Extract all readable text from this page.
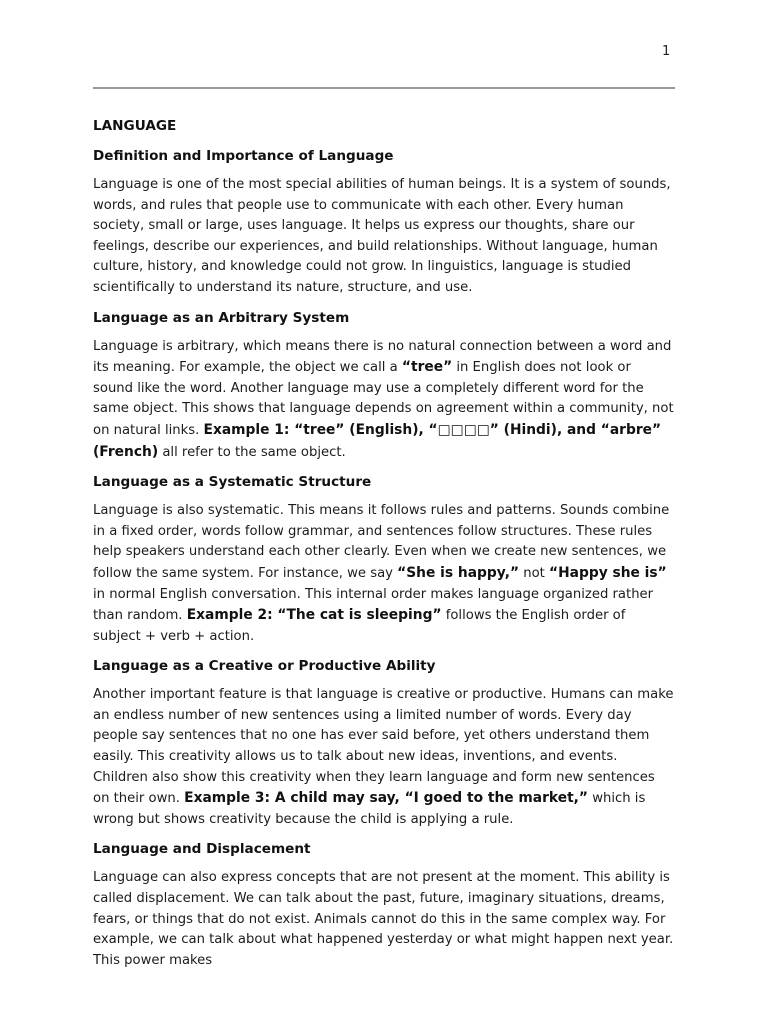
1
LANGUAGE
Definition and Importance of Language
Language is one of the most special abilities of human beings. It is a system of sounds, words, and rules that people use to communicate with each other. Every human society, small or large, uses language. It helps us express our thoughts, share our feelings, describe our experiences, and build relationships. Without language, human culture, history, and knowledge could not grow. In linguistics, language is studied scientifically to understand its nature, structure, and use.
Language as an Arbitrary System
Language is arbitrary, which means there is no natural connection between a word and its meaning. For example, the object we call a “tree” in English does not look or sound like the word. Another language may use a completely different word for the same object. This shows that language depends on agreement within a community, not on natural links. Example 1: “tree” (English), “□□□□” (Hindi), and “arbre” (French) all refer to the same object.
Language as a Systematic Structure
Language is also systematic. This means it follows rules and patterns. Sounds combine in a fixed order, words follow grammar, and sentences follow structures. These rules help speakers understand each other clearly. Even when we create new sentences, we follow the same system. For instance, we say “She is happy,” not “Happy she is” in normal English conversation. This internal order makes language organized rather than random. Example 2: “The cat is sleeping” follows the English order of subject + verb + action.
Language as a Creative or Productive Ability
Another important feature is that language is creative or productive. Humans can make an endless number of new sentences using a limited number of words. Every day people say sentences that no one has ever said before, yet others understand them easily. This creativity allows us to talk about new ideas, inventions, and events. Children also show this creativity when they learn language and form new sentences on their own. Example 3: A child may say, “I goed to the market,” which is wrong but shows creativity because the child is applying a rule.
Language and Displacement
Language can also express concepts that are not present at the moment. This ability is called displacement. We can talk about the past, future, imaginary situations, dreams, fears, or things that do not exist. Animals cannot do this in the same complex way. For example, we can talk about what happened yesterday or what might happen next year. This power makes
